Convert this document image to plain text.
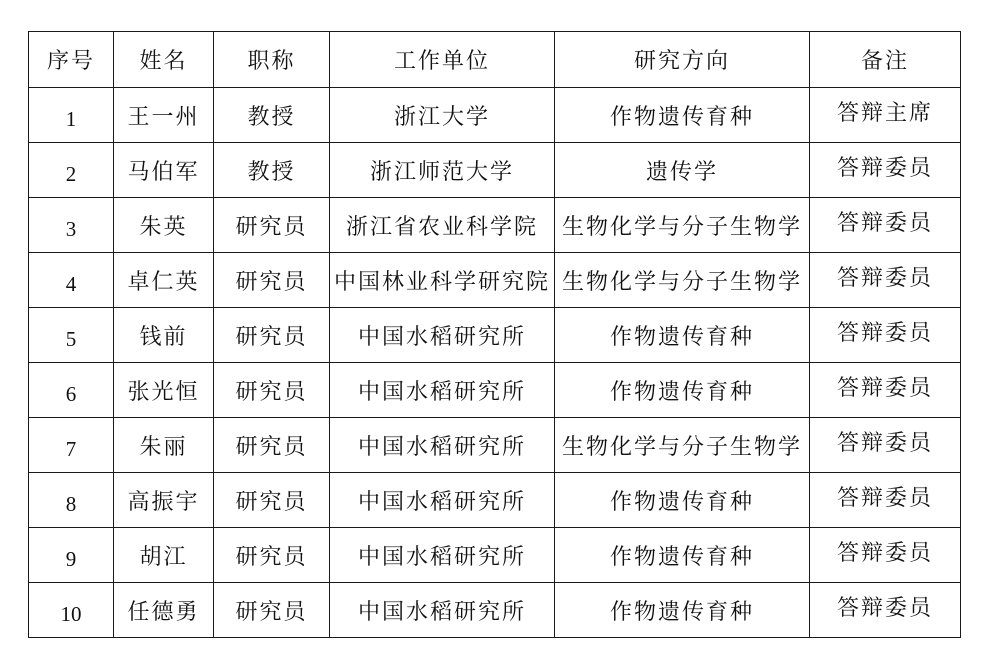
序号	姓名	职称	工作单位	研究方向	备注
1	王一州	教授	浙江大学	作物遗传育种	答辩主席
2	马伯军	教授	浙江师范大学	遗传学	答辩委员
3	朱英	研究员	浙江省农业科学院	生物化学与分子生物学	答辩委员
4	卓仁英	研究员	中国林业科学研究院	生物化学与分子生物学	答辩委员
5	钱前	研究员	中国水稻研究所	作物遗传育种	答辩委员
6	张光恒	研究员	中国水稻研究所	作物遗传育种	答辩委员
7	朱丽	研究员	中国水稻研究所	生物化学与分子生物学	答辩委员
8	高振宇	研究员	中国水稻研究所	作物遗传育种	答辩委员
9	胡江	研究员	中国水稻研究所	作物遗传育种	答辩委员
10	任德勇	研究员	中国水稻研究所	作物遗传育种	答辩委员
